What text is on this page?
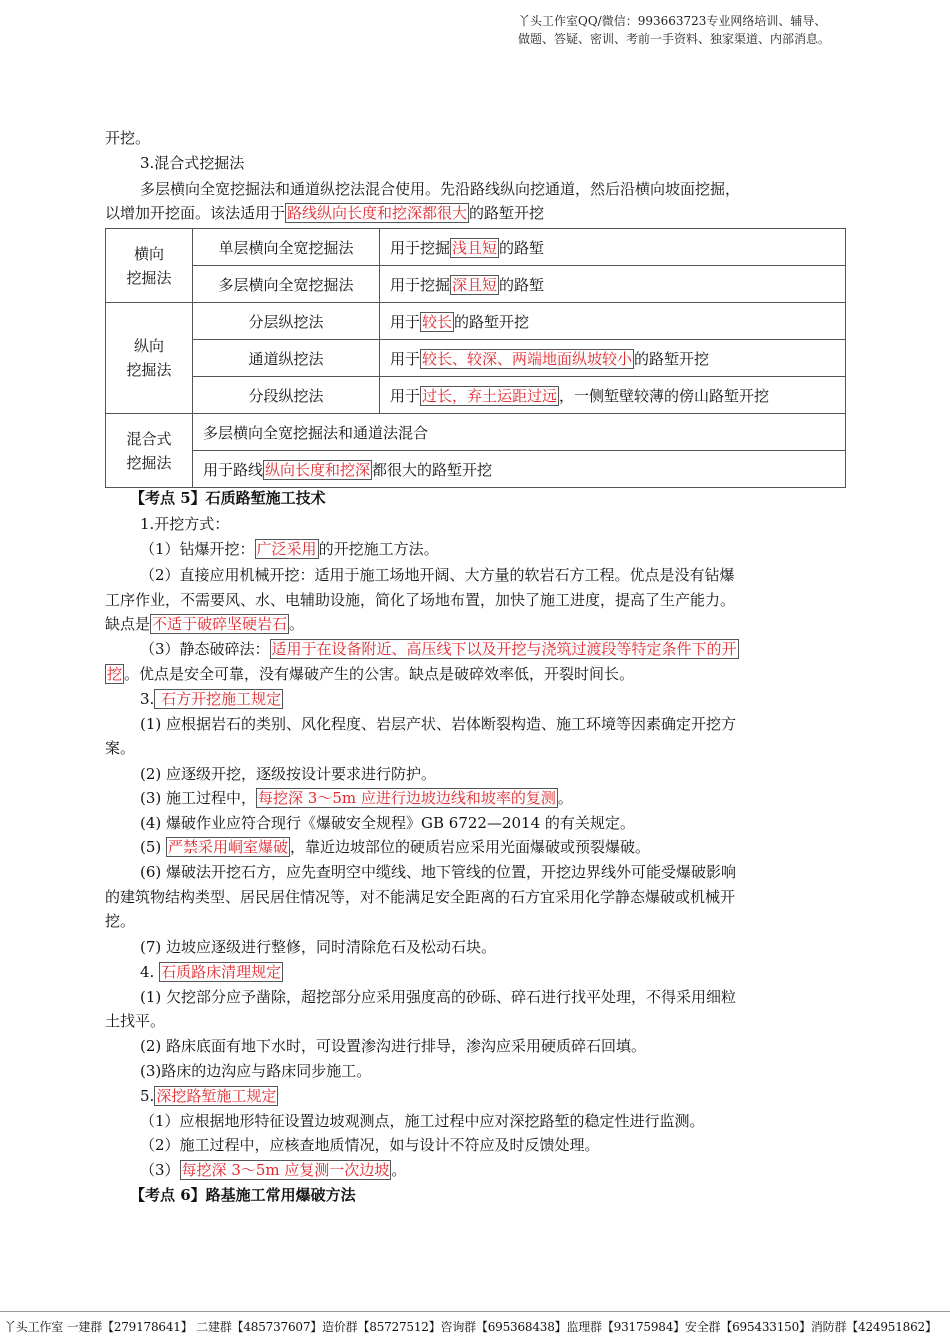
丫头工作室QQ/微信：993663723专业网络培训、辅导、
做题、答疑、密训、考前一手资料、独家渠道、内部消息。
开挖。
3.混合式挖掘法
多层横向全宽挖掘法和通道纵挖法混合使用。先沿路线纵向挖通道，然后沿横向坡面挖掘，
以增加开挖面。该法适用于 路线纵向长度和挖深都很大 的路堑开挖
横向
挖掘法	单层横向全宽挖掘法	用于挖掘 浅且短 的路堑
	多层横向全宽挖掘法	用于挖掘 深且短 的路堑

纵向
挖掘法	分层纵挖法	用于 较长 的路堑开挖
	通道纵挖法	用于 较长、较深、两端地面纵坡较小 的路堑开挖
	分段纵挖法	用于 过长，弃土运距过远 ，一侧堑壁较薄的傍山路堑开挖

混合式
挖掘法	多层横向全宽挖掘法和通道法混合	
	用于路线 纵向长度和挖深 都很大的路堑开挖	
【考点 5】石质路堑施工技术
1.开挖方式：
（1）钻爆开挖： 广泛采用 的开挖施工方法。
（2）直接应用机械开挖：适用于施工场地开阔、大方量的软岩石方工程。优点是没有钻爆
工序作业，不需要风、水、电辅助设施，简化了场地布置，加快了施工进度，提高了生产能力。
缺点是 不适于破碎坚硬岩石 。
（3）静态破碎法： 适用于在设备附近、高压线下以及开挖与浇筑过渡段等特定条件下的开
挖 。优点是安全可靠，没有爆破产生的公害。缺点是破碎效率低，开裂时间长。
3. 石方开挖施工规定
(1) 应根据岩石的类别、风化程度、岩层产状、岩体断裂构造、施工环境等因素确定开挖方
案。
(2) 应逐级开挖，逐级按设计要求进行防护。
(3) 施工过程中， 每挖深 3～5m 应进行边坡边线和坡率的复测 。
(4) 爆破作业应符合现行《爆破安全规程》GB 6722—2014 的有关规定。
(5) 严禁采用峒室爆破 ，靠近边坡部位的硬质岩应采用光面爆破或预裂爆破。
(6) 爆破法开挖石方，应先查明空中缆线、地下管线的位置，开挖边界线外可能受爆破影响
的建筑物结构类型、居民居住情况等，对不能满足安全距离的石方宜采用化学静态爆破或机械开
挖。
(7) 边坡应逐级进行整修，同时清除危石及松动石块。
4. 石质路床清理规定
(1) 欠挖部分应予凿除，超挖部分应采用强度高的砂砾、碎石进行找平处理，不得采用细粒
土找平。
(2) 路床底面有地下水时，可设置渗沟进行排导，渗沟应采用硬质碎石回填。
(3)路床的边沟应与路床同步施工。
5. 深挖路堑施工规定
（1）应根据地形特征设置边坡观测点，施工过程中应对深挖路堑的稳定性进行监测。
（2）施工过程中，应核查地质情况，如与设计不符应及时反馈处理。
（3） 每挖深 3～5m 应复测一次边坡 。
【考点 6】路基施工常用爆破方法
丫头工作室 一建群【279178641】 二建群【485737607】造价群【85727512】咨询群【695368438】监理群【93175984】安全群【695433150】消防群【424951862】
